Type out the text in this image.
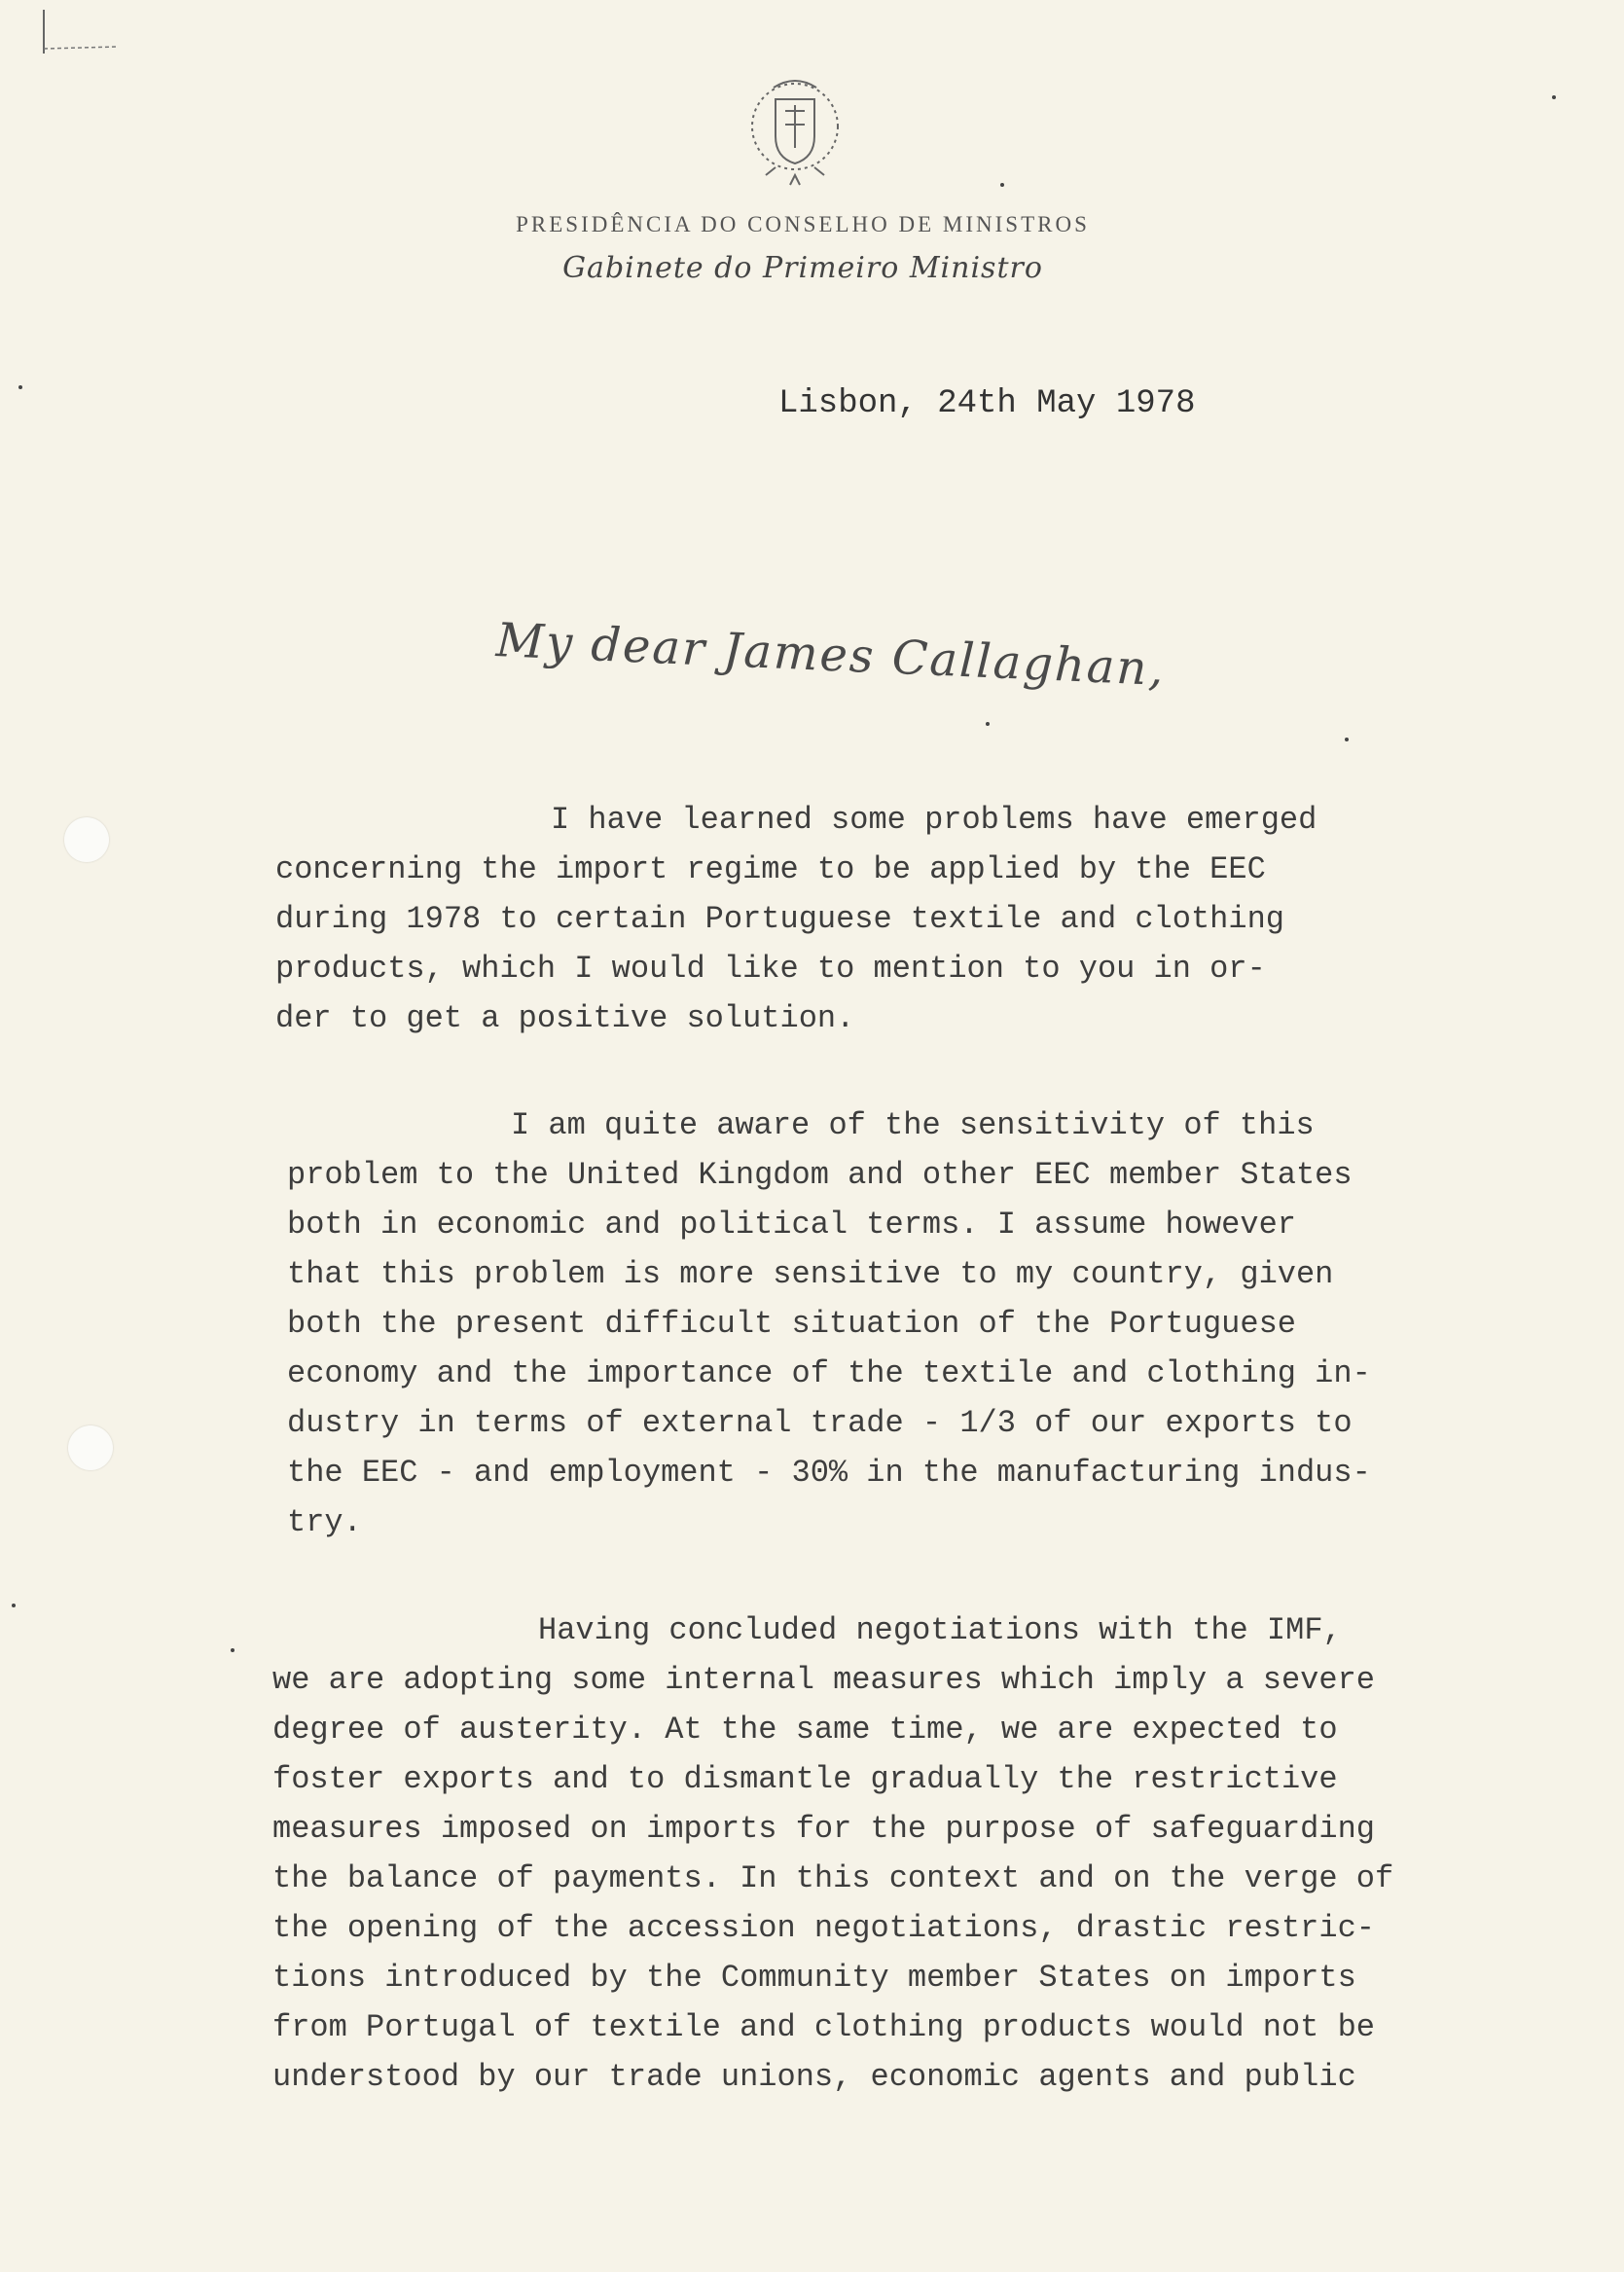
PRESIDÊNCIA DO CONSELHO DE MINISTROS
Gabinete do Primeiro Ministro
Lisbon, 24th May 1978
My dear James Callaghan,
I have learned some problems have emerged
concerning the import regime to be applied by the EEC
during 1978 to certain Portuguese textile and clothing
products, which I would like to mention to you in or-
der to get a positive solution.
I am quite aware of the sensitivity of this
problem to the United Kingdom and other EEC member States
both in economic and political terms. I assume however
that this problem is more sensitive to my country, given
both the present difficult situation of the Portuguese
economy and the importance of the textile and clothing in-
dustry in terms of external trade - 1/3 of our exports to
the EEC - and employment - 30% in the manufacturing indus-
try.
Having concluded negotiations with the IMF,
we are adopting some internal measures which imply a severe
degree of austerity. At the same time, we are expected to
foster exports and to dismantle gradually the restrictive
measures imposed on imports for the purpose of safeguarding
the balance of payments. In this context and on the verge of
the opening of the accession negotiations, drastic restric-
tions introduced by the Community member States on imports
from Portugal of textile and clothing products would not be
understood by our trade unions, economic agents and public
